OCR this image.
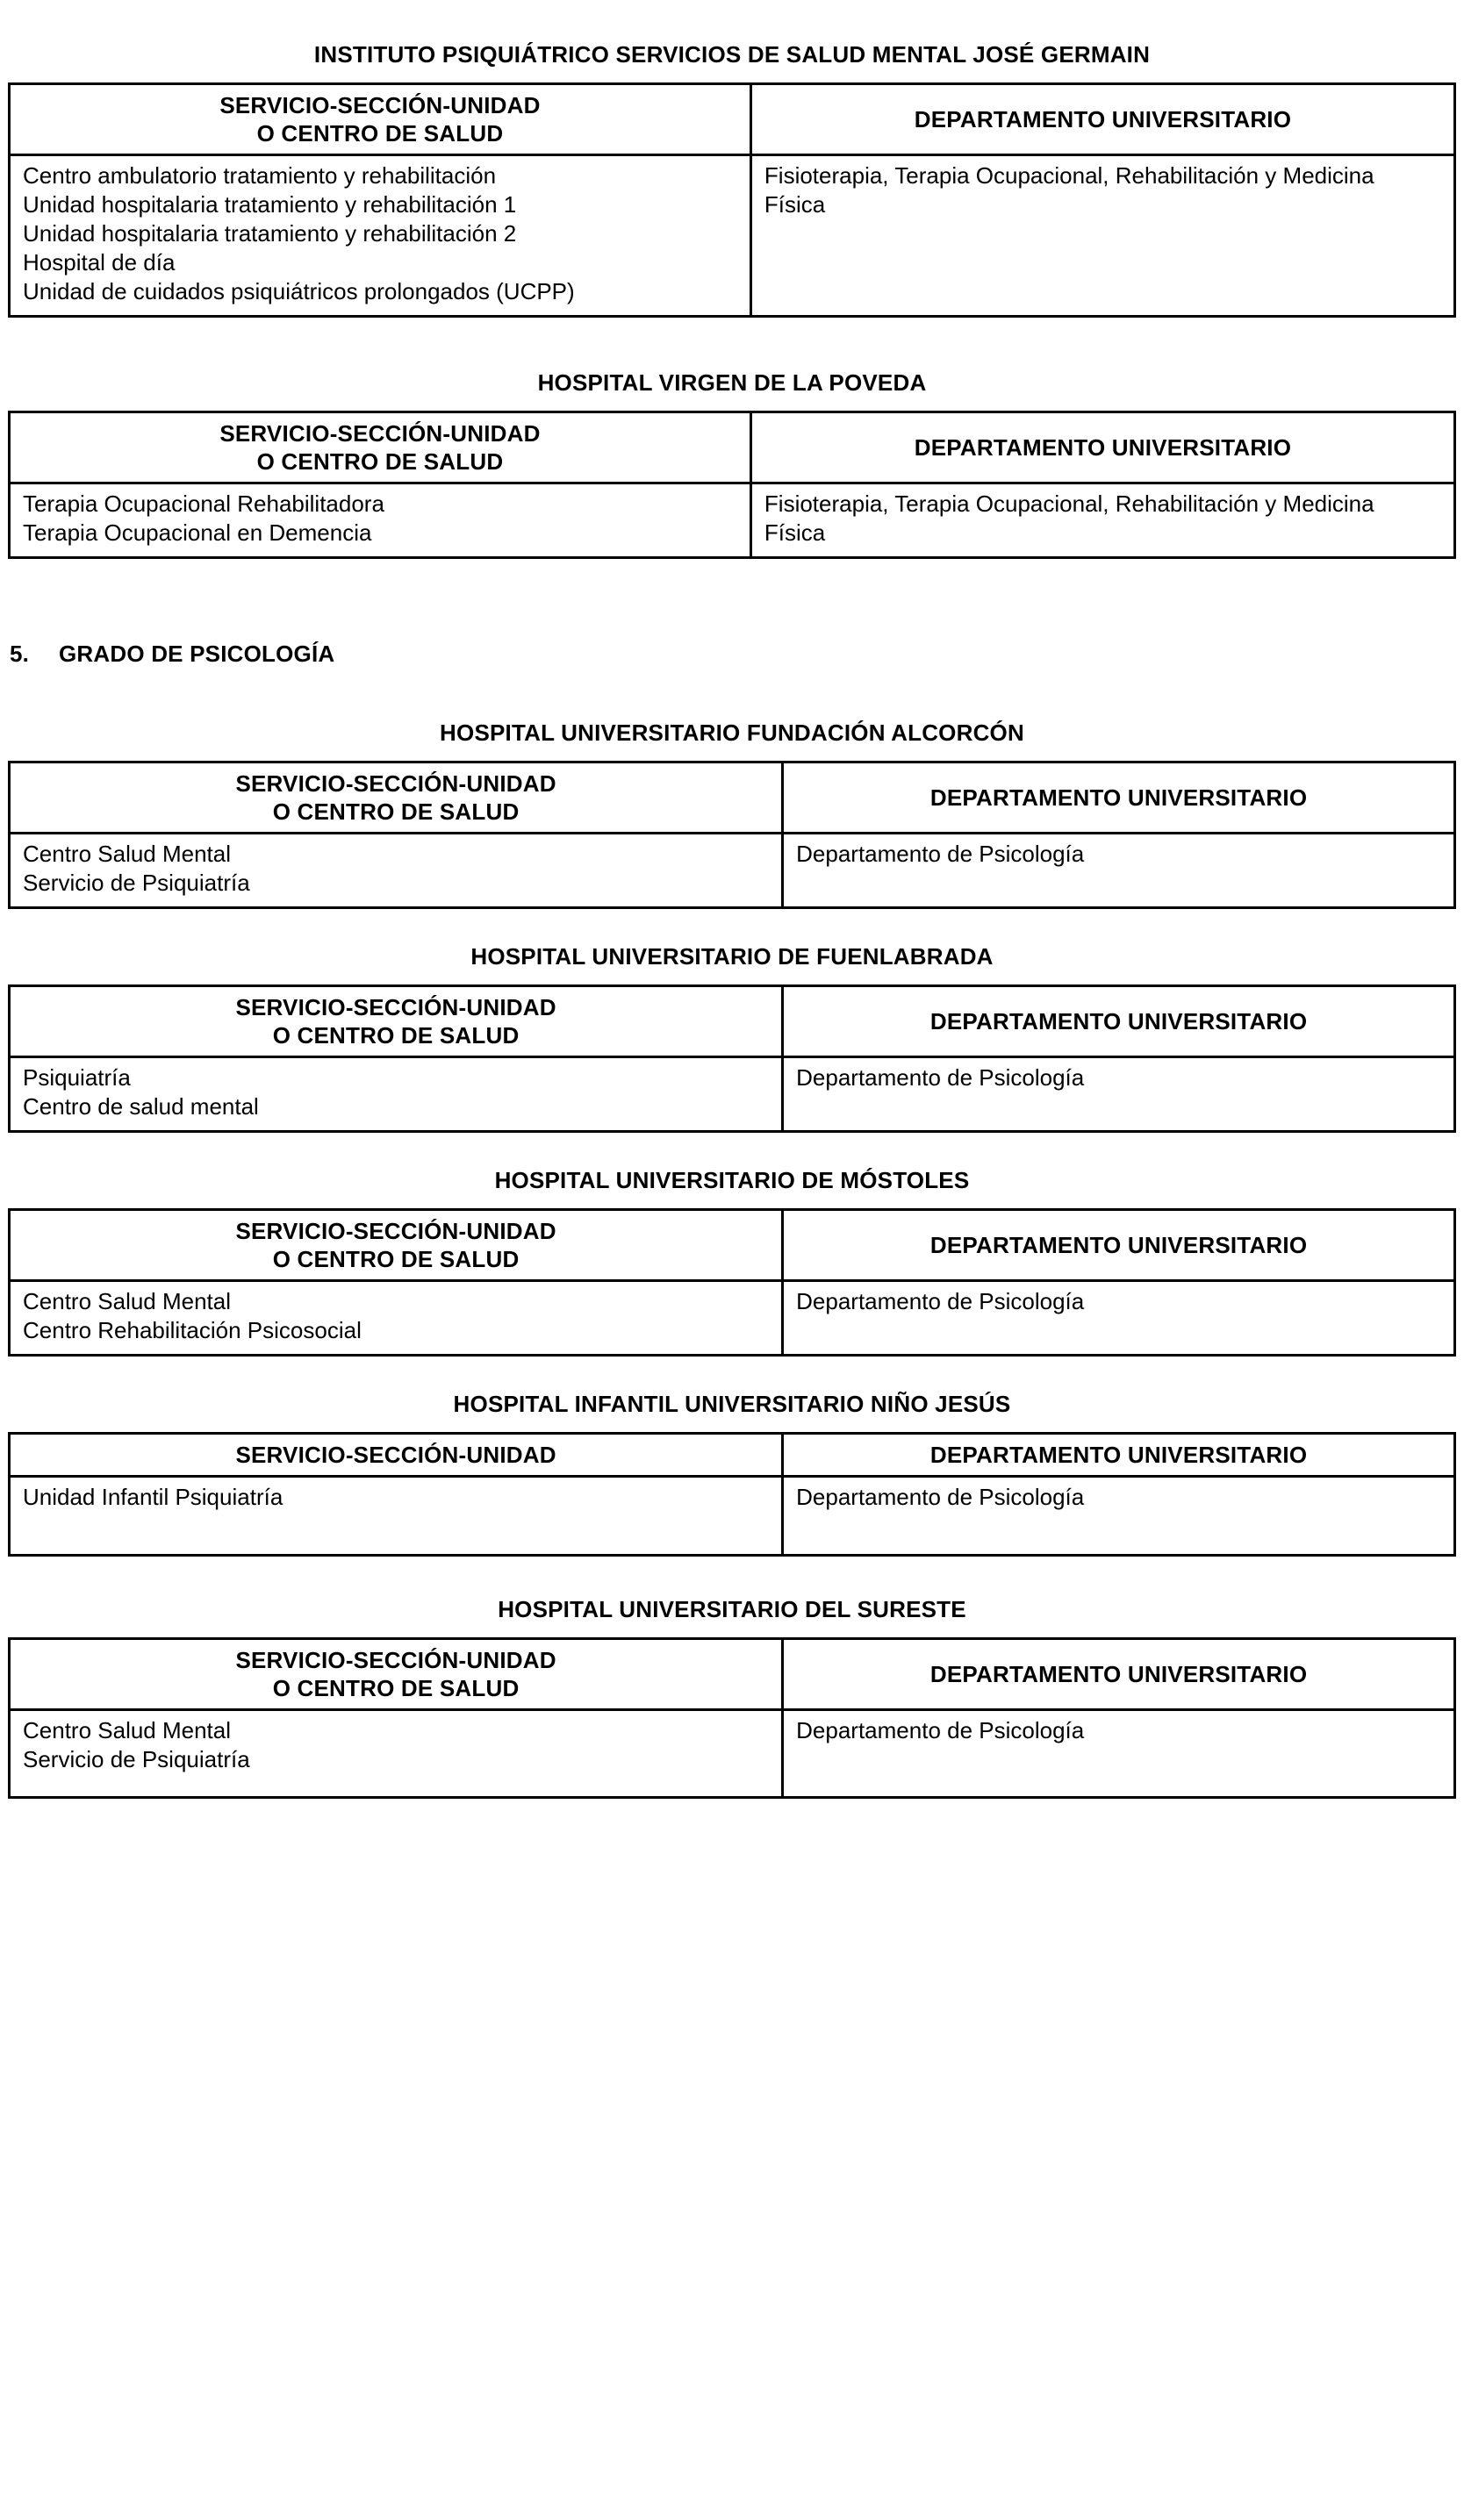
INSTITUTO PSIQUIÁTRICO SERVICIOS DE SALUD MENTAL JOSÉ GERMAIN
SERVICIO-SECCIÓN-UNIDAD
O CENTRO DE SALUD	DEPARTAMENTO UNIVERSITARIO

Centro ambulatorio tratamiento y rehabilitación
Unidad hospitalaria tratamiento y rehabilitación 1
Unidad hospitalaria tratamiento y rehabilitación 2
Hospital de día
Unidad de cuidados psiquiátricos prolongados (UCPP)	Fisioterapia, Terapia Ocupacional, Rehabilitación y Medicina Física
HOSPITAL VIRGEN DE LA POVEDA
SERVICIO-SECCIÓN-UNIDAD
O CENTRO DE SALUD	DEPARTAMENTO UNIVERSITARIO

Terapia Ocupacional Rehabilitadora
Terapia Ocupacional en Demencia	Fisioterapia, Terapia Ocupacional, Rehabilitación y Medicina Física
5.	GRADO DE PSICOLOGÍA
HOSPITAL UNIVERSITARIO FUNDACIÓN ALCORCÓN
SERVICIO-SECCIÓN-UNIDAD
O CENTRO DE SALUD	DEPARTAMENTO UNIVERSITARIO

Centro Salud Mental
Servicio de Psiquiatría	Departamento de Psicología
HOSPITAL UNIVERSITARIO DE FUENLABRADA
SERVICIO-SECCIÓN-UNIDAD
O CENTRO DE SALUD	DEPARTAMENTO UNIVERSITARIO

Psiquiatría
Centro de salud mental	Departamento de Psicología
HOSPITAL UNIVERSITARIO DE MÓSTOLES
SERVICIO-SECCIÓN-UNIDAD
O CENTRO DE SALUD	DEPARTAMENTO UNIVERSITARIO

Centro Salud Mental
Centro Rehabilitación Psicosocial	Departamento de Psicología
HOSPITAL INFANTIL UNIVERSITARIO NIÑO JESÚS
SERVICIO-SECCIÓN-UNIDAD	DEPARTAMENTO UNIVERSITARIO

Unidad Infantil Psiquiatría	Departamento de Psicología
HOSPITAL UNIVERSITARIO DEL SURESTE
SERVICIO-SECCIÓN-UNIDAD
O CENTRO DE SALUD	DEPARTAMENTO UNIVERSITARIO

Centro Salud Mental
Servicio de Psiquiatría	Departamento de Psicología
